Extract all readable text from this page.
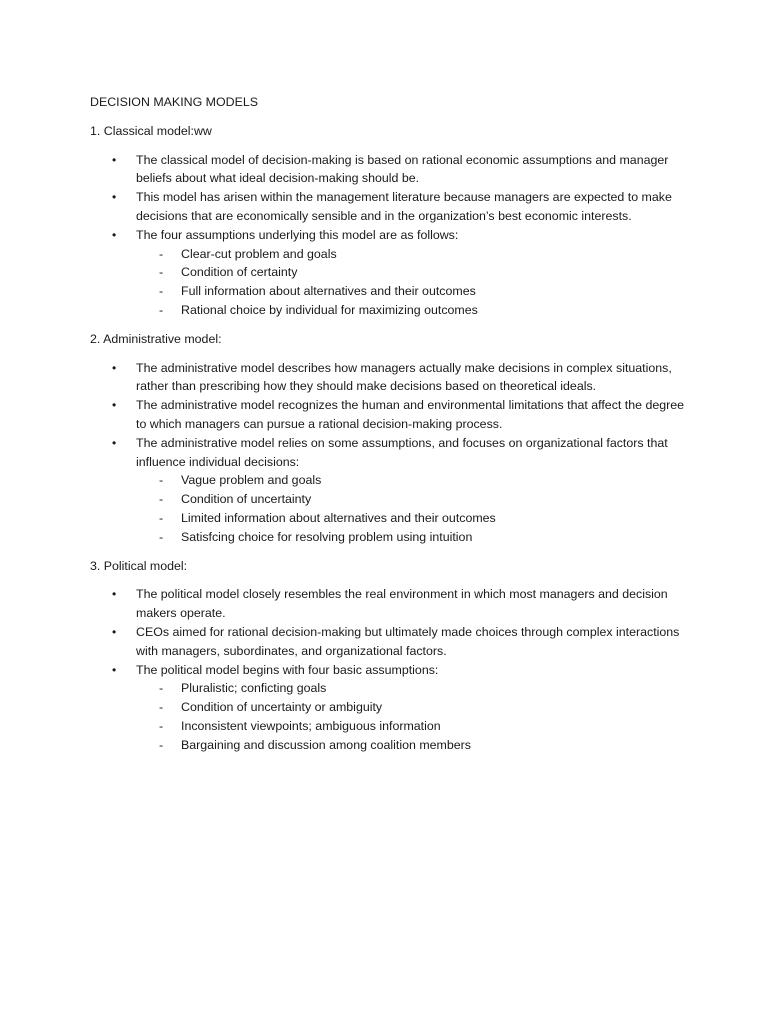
DECISION MAKING MODELS

1. Classical model:ww

• The classical model of decision-making is based on rational economic assumptions and manager beliefs about what ideal decision-making should be.
• This model has arisen within the management literature because managers are expected to make decisions that are economically sensible and in the organization’s best economic interests.
• The four assumptions underlying this model are as follows:
- Clear-cut problem and goals
- Condition of certainty
- Full information about alternatives and their outcomes
- Rational choice by individual for maximizing outcomes

2. Administrative model:

• The administrative model describes how managers actually make decisions in complex situations, rather than prescribing how they should make decisions based on theoretical ideals.
• The administrative model recognizes the human and environmental limitations that affect the degree to which managers can pursue a rational decision-making process.
• The administrative model relies on some assumptions, and focuses on organizational factors that influence individual decisions:
- Vague problem and goals
- Condition of uncertainty
- Limited information about alternatives and their outcomes
- Satisfcing choice for resolving problem using intuition

3. Political model:

• The political model closely resembles the real environment in which most managers and decision makers operate.
• CEOs aimed for rational decision-making but ultimately made choices through complex interactions with managers, subordinates, and organizational factors.
• The political model begins with four basic assumptions:
- Pluralistic; conficting goals
- Condition of uncertainty or ambiguity
- Inconsistent viewpoints; ambiguous information
- Bargaining and discussion among coalition members
